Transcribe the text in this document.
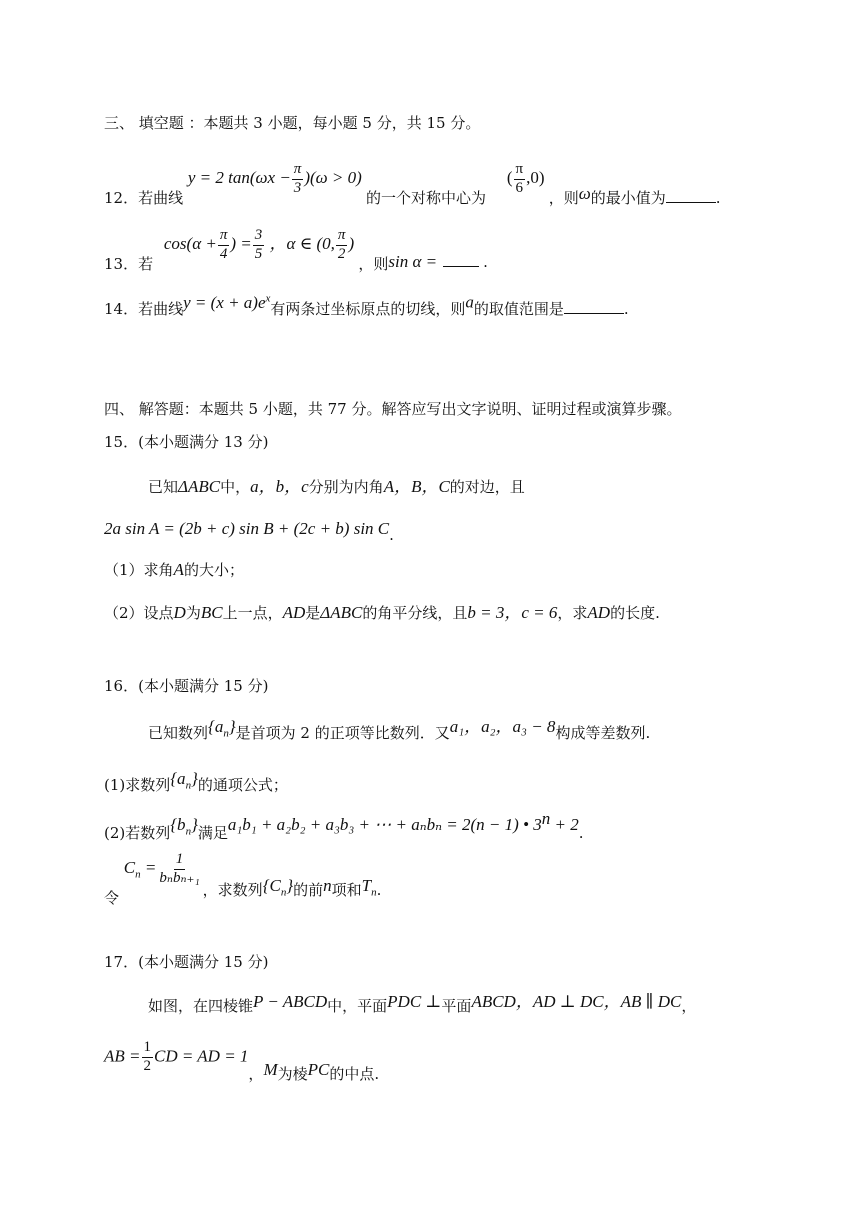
三、 填空题 ：本题共 3 小题，每小题 5 分，共 15 分。
12．若曲线 y = 2 $\tan(\omega x - \frac{\pi}{3} )(\omega > 0)$ 的一个对称中心为 ( $\frac{\pi}{6} ,0$) ，则ω的最小值为	.
13．若 $\cos(\alpha + \frac{\pi}{4}$ ) = $\frac{3}{5}$ ，α ∈ (0, $\frac{\pi}{2}$ ) ，则sin α =	.
14．若曲线$y = (x + a)e^x$有两条过坐标原点的切线，则a的取值范围是	.
四、 解答题：本题共 5 小题，共 77 分。解答应写出文字说明、证明过程或演算步骤。
15．(本小题满分 13 分)
已知ΔABC中，a，b，c分别为内角A，B，C的对边，且
2a sin A = (2b + c) sin B + (2c + b) sin C.
（1）求角A的大小；
（2）设点D为BC上一点，AD是ΔABC的角平分线，且b = 3，c = 6，求AD的长度.
16．(本小题满分 15 分)
已知数列$\{a_n\}$是首项为 2 的正项等比数列．又a₁，a₂，a₃ − 8构成等差数列.
(1)求数列$\{a_n\}$的通项公式；
(2)若数列$\{b_n\}$满足a₁b₁ + a₂b₂ + a₃b₃ + ⋯ + aₙbₙ = 2(n − 1) • $3^n + 2$.
令 $C_n = \frac{1}{\text{bₙbₙ₊₁}}$
，求数列$\{C_n\}$的前n项和$T_n$.
17．(本小题满分 15 分)
如图，在四棱锥P − ABCD中，平面PDC ⊥平面ABCD，AD ⊥ DC，AB ∥ DC，
AB = $\frac{1}{2}$ CD = AD = 1，M为棱PC的中点.
